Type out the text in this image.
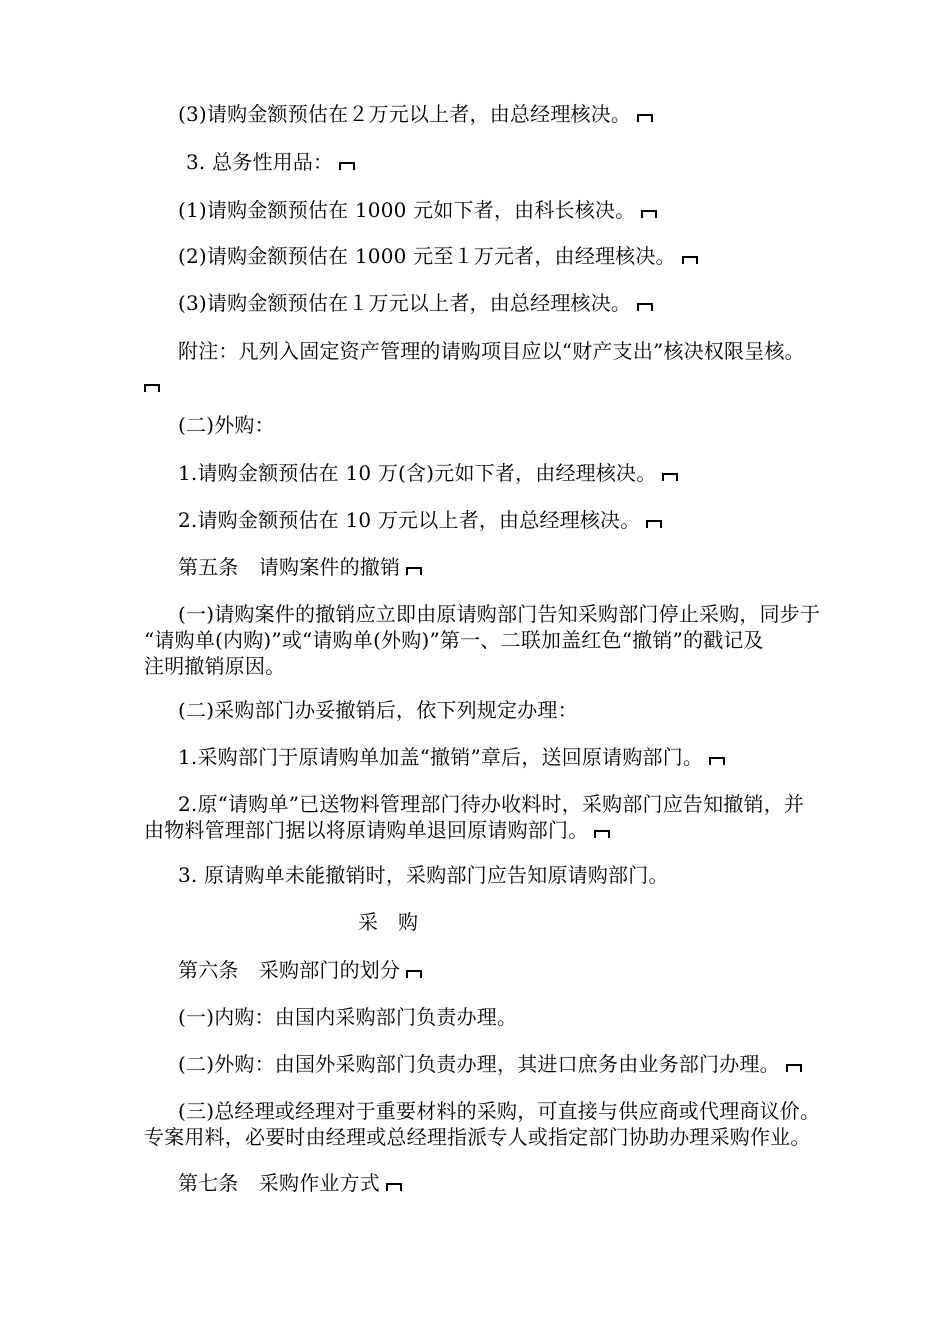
(3)请购金额预估在２万元以上者，由总经理核决。
3. 总务性用品：
(1)请购金额预估在 1000 元如下者，由科长核决。
(2)请购金额预估在 1000 元至１万元者，由经理核决。
(3)请购金额预估在１万元以上者，由总经理核决。
附注：凡列入固定资产管理的请购项目应以“财产支出”核决权限呈核。
(二)外购：
1.请购金额预估在 10 万(含)元如下者，由经理核决。
2.请购金额预估在 10 万元以上者，由总经理核决。
第五条　请购案件的撤销
(一)请购案件的撤销应立即由原请购部门告知采购部门停止采购，同步于
“请购单(内购)”或“请购单(外购)”第一、二联加盖红色“撤销”的戳记及
注明撤销原因。
(二)采购部门办妥撤销后，依下列规定办理：
1.采购部门于原请购单加盖“撤销”章后，送回原请购部门。
2.原“请购单”已送物料管理部门待办收料时，采购部门应告知撤销，并
由物料管理部门据以将原请购单退回原请购部门。
3. 原请购单未能撤销时，采购部门应告知原请购部门。
采购
第六条　采购部门的划分
(一)内购：由国内采购部门负责办理。
(二)外购：由国外采购部门负责办理，其进口庶务由业务部门办理。
(三)总经理或经理对于重要材料的采购，可直接与供应商或代理商议价。
专案用料，必要时由经理或总经理指派专人或指定部门协助办理采购作业。
第七条　采购作业方式
